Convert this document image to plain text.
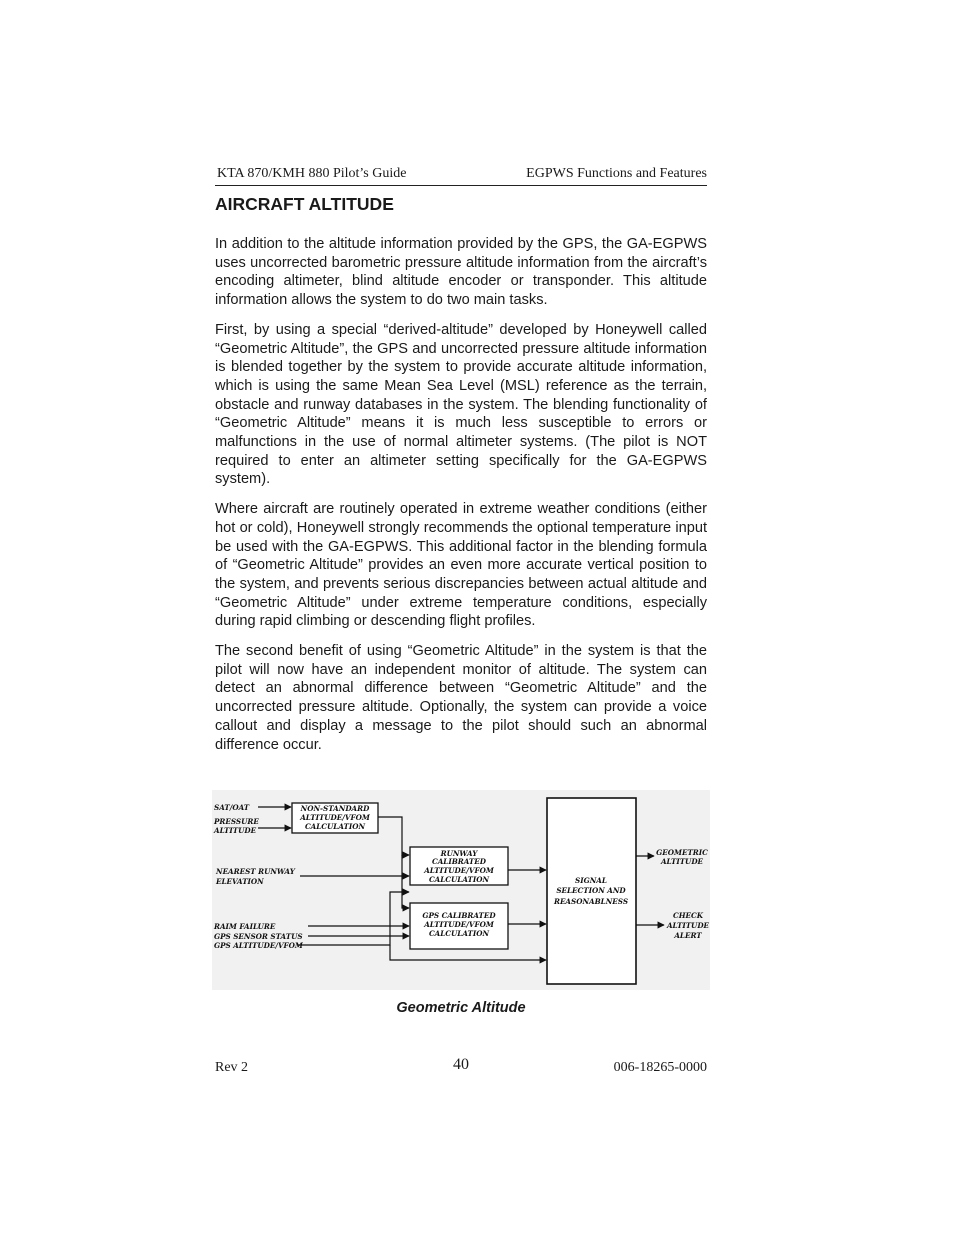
KTA 870/KMH 880 Pilot’s Guide	EGPWS Functions and Features
AIRCRAFT ALTITUDE

In addition to the altitude information provided by the GPS, the GA-EGPWS uses uncorrected barometric pressure altitude information from the aircraft’s encoding altimeter, blind altitude encoder or transponder. This altitude information allows the system to do two main tasks.

First, by using a special “derived-altitude” developed by Honeywell called “Geometric Altitude”, the GPS and uncorrected pressure altitude information is blended together by the system to provide accurate altitude information, which is using the same Mean Sea Level (MSL) reference as the terrain, obstacle and runway databases in the system. The blending functionality of “Geometric Altitude” means it is much less susceptible to errors or malfunctions in the use of normal altimeter systems. (The pilot is NOT required to enter an altimeter setting specifically for the GA-EGPWS system).

Where aircraft are routinely operated in extreme weather conditions (either hot or cold), Honeywell strongly recommends the optional temperature input be used with the GA-EGPWS. This additional factor in the blending formula of “Geometric Altitude” provides an even more accurate vertical position to the system, and prevents serious discrepancies between actual altitude and “Geometric Altitude” under extreme temperature conditions, especially during rapid climbing or descending flight profiles.

The second benefit of using “Geometric Altitude” in the system is that the pilot will now have an independent monitor of altitude. The system can detect an abnormal difference between “Geometric Altitude” and the uncorrected pressure altitude. Optionally, the system can provide a voice callout and display a message to the pilot should such an abnormal difference occur.

SAT/OAT
PRESSURE
ALTITUDE
NEAREST RUNWAY
ELEVATION
RAIM FAILURE
GPS SENSOR STATUS
GPS ALTITUDE/VFOM
NON-STANDARD
ALTITUDE/VFOM
CALCULATION
RUNWAY
CALIBRATED
ALTITUDE/VFOM
CALCULATION
GPS CALIBRATED
ALTITUDE/VFOM
CALCULATION
SIGNAL
SELECTION AND
REASONABLNESS
GEOMETRIC
ALTITUDE
CHECK
ALTITUDE
ALERT
Geometric Altitude
Rev 2	40	006-18265-0000
